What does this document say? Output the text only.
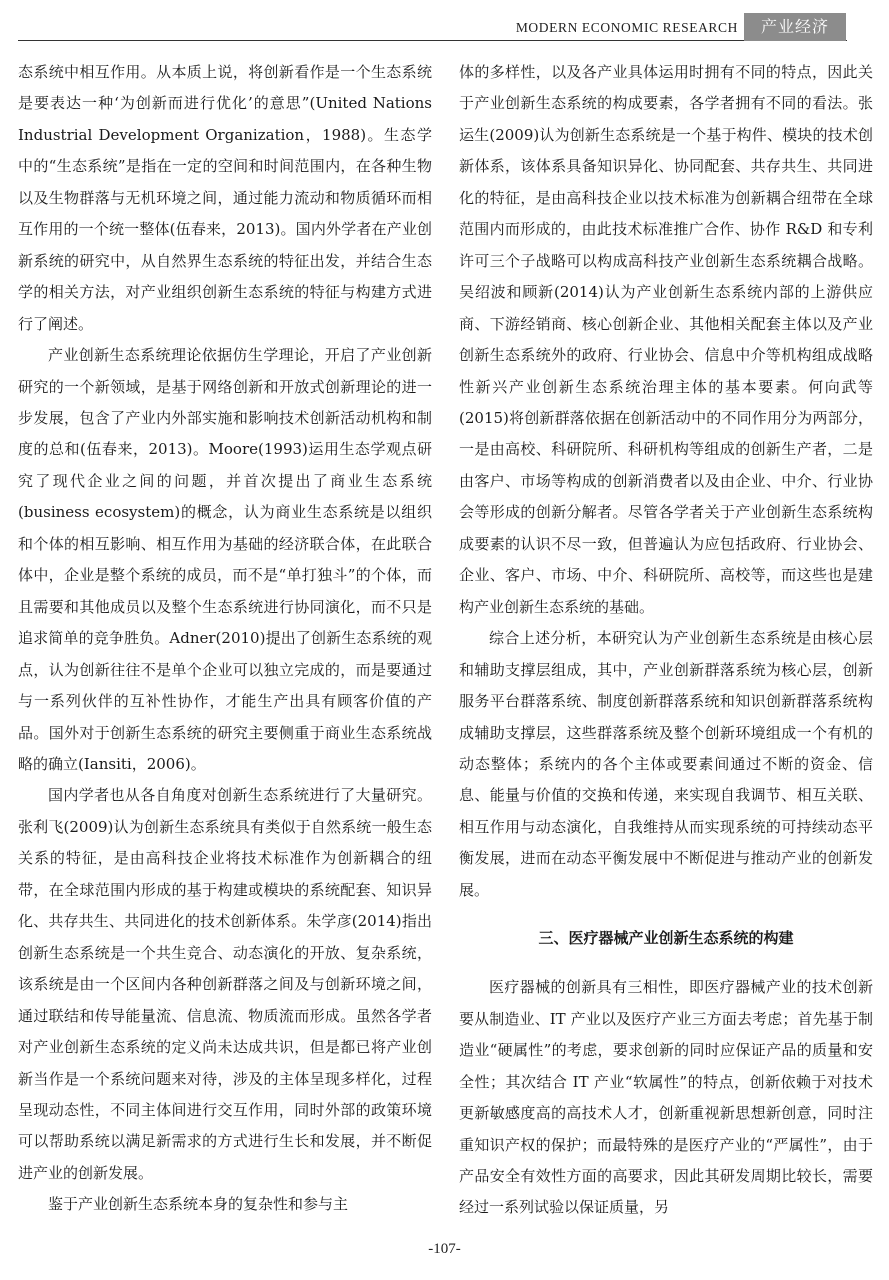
MODERN ECONOMIC RESEARCH	产业经济

态系统中相互作用。从本质上说，将创新看作是一个生态系统是要表达一种‘为创新而进行优化’的意思”(United Nations Industrial Development Organization，1988)。生态学中的“生态系统”是指在一定的空间和时间范围内，在各种生物以及生物群落与无机环境之间，通过能力流动和物质循环而相互作用的一个统一整体(伍春来，2013)。国内外学者在产业创新系统的研究中，从自然界生态系统的特征出发，并结合生态学的相关方法，对产业组织创新生态系统的特征与构建方式进行了阐述。

产业创新生态系统理论依据仿生学理论，开启了产业创新研究的一个新领域，是基于网络创新和开放式创新理论的进一步发展，包含了产业内外部实施和影响技术创新活动机构和制度的总和(伍春来，2013)。Moore(1993)运用生态学观点研究了现代企业之间的问题，并首次提出了商业生态系统(business ecosystem)的概念，认为商业生态系统是以组织和个体的相互影响、相互作用为基础的经济联合体，在此联合体中，企业是整个系统的成员，而不是“单打独斗”的个体，而且需要和其他成员以及整个生态系统进行协同演化，而不只是追求简单的竞争胜负。Adner(2010)提出了创新生态系统的观点，认为创新往往不是单个企业可以独立完成的，而是要通过与一系列伙伴的互补性协作，才能生产出具有顾客价值的产品。国外对于创新生态系统的研究主要侧重于商业生态系统战略的确立(Iansiti，2006)。

国内学者也从各自角度对创新生态系统进行了大量研究。张利飞(2009)认为创新生态系统具有类似于自然系统一般生态关系的特征，是由高科技企业将技术标准作为创新耦合的纽带，在全球范围内形成的基于构建或模块的系统配套、知识异化、共存共生、共同进化的技术创新体系。朱学彦(2014)指出创新生态系统是一个共生竞合、动态演化的开放、复杂系统，该系统是由一个区间内各种创新群落之间及与创新环境之间，通过联结和传导能量流、信息流、物质流而形成。虽然各学者对产业创新生态系统的定义尚未达成共识，但是都已将产业创新当作是一个系统问题来对待，涉及的主体呈现多样化，过程呈现动态性，不同主体间进行交互作用，同时外部的政策环境可以帮助系统以满足新需求的方式进行生长和发展，并不断促进产业的创新发展。

鉴于产业创新生态系统本身的复杂性和参与主

体的多样性，以及各产业具体运用时拥有不同的特点，因此关于产业创新生态系统的构成要素，各学者拥有不同的看法。张运生(2009)认为创新生态系统是一个基于构件、模块的技术创新体系，该体系具备知识异化、协同配套、共存共生、共同进化的特征，是由高科技企业以技术标准为创新耦合纽带在全球范围内而形成的，由此技术标准推广合作、协作 R&D 和专利许可三个子战略可以构成高科技产业创新生态系统耦合战略。吴绍波和顾新(2014)认为产业创新生态系统内部的上游供应商、下游经销商、核心创新企业、其他相关配套主体以及产业创新生态系统外的政府、行业协会、信息中介等机构组成战略性新兴产业创新生态系统治理主体的基本要素。何向武等(2015)将创新群落依据在创新活动中的不同作用分为两部分，一是由高校、科研院所、科研机构等组成的创新生产者，二是由客户、市场等构成的创新消费者以及由企业、中介、行业协会等形成的创新分解者。尽管各学者关于产业创新生态系统构成要素的认识不尽一致，但普遍认为应包括政府、行业协会、企业、客户、市场、中介、科研院所、高校等，而这些也是建构产业创新生态系统的基础。

综合上述分析，本研究认为产业创新生态系统是由核心层和辅助支撑层组成，其中，产业创新群落系统为核心层，创新服务平台群落系统、制度创新群落系统和知识创新群落系统构成辅助支撑层，这些群落系统及整个创新环境组成一个有机的动态整体；系统内的各个主体或要素间通过不断的资金、信息、能量与价值的交换和传递，来实现自我调节、相互关联、相互作用与动态演化，自我维持从而实现系统的可持续动态平衡发展，进而在动态平衡发展中不断促进与推动产业的创新发展。

三、医疗器械产业创新生态系统的构建

医疗器械的创新具有三相性，即医疗器械产业的技术创新要从制造业、IT 产业以及医疗产业三方面去考虑；首先基于制造业“硬属性”的考虑，要求创新的同时应保证产品的质量和安全性；其次结合 IT 产业“软属性”的特点，创新依赖于对技术更新敏感度高的高技术人才，创新重视新思想新创意，同时注重知识产权的保护；而最特殊的是医疗产业的“严属性”，由于产品安全有效性方面的高要求，因此其研发周期比较长，需要经过一系列试验以保证质量，另

-107-
